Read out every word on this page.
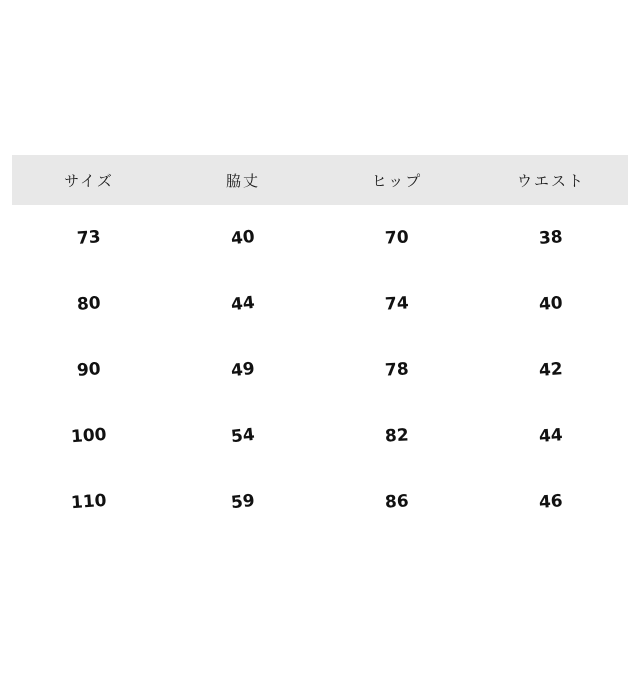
サイズ	脇丈	ヒップ	ウエスト
73	40	70	38
80	44	74	40
90	49	78	42
100	54	82	44
110	59	86	46
